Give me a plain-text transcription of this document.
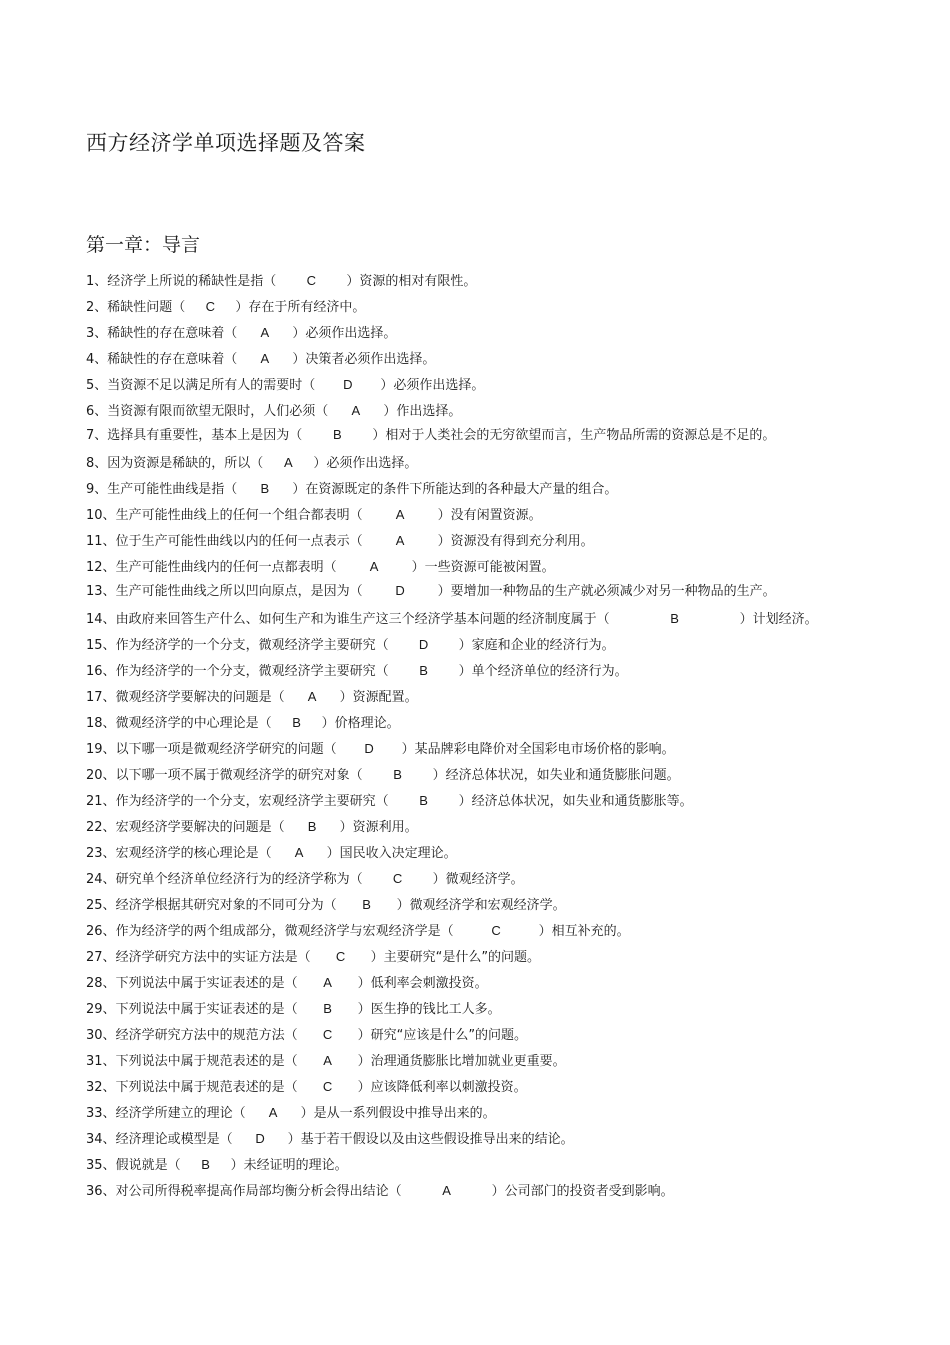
西方经济学单项选择题及答案
第一章：导言
1、经济学上所说的稀缺性是指（ C ）资源的相对有限性。
2、稀缺性问题（ C ）存在于所有经济中。
3、稀缺性的存在意味着（ A ）必须作出选择。
4、稀缺性的存在意味着（ A ）决策者必须作出选择。
5、当资源不足以满足所有人的需要时（ D ）必须作出选择。
6、当资源有限而欲望无限时，人们必须（ A ）作出选择。
7、选择具有重要性，基本上是因为（ B ）相对于人类社会的无穷欲望而言，生产物品所需的资源总是不足的。
8、因为资源是稀缺的，所以（ A ）必须作出选择。
9、生产可能性曲线是指（ B ）在资源既定的条件下所能达到的各种最大产量的组合。
10、生产可能性曲线上的任何一个组合都表明（	A	）没有闲置资源。
11、位于生产可能性曲线以内的任何一点表示（	A	）资源没有得到充分利用。
12、生产可能性曲线内的任何一点都表明（	A	）一些资源可能被闲置。
13、生产可能性曲线之所以凹向原点，是因为（	D	）要增加一种物品的生产就必须减少对另一种物品的生产。
14、由政府来回答生产什么、如何生产和为谁生产这三个经济学基本问题的经济制度属于（	B	）计划经济。
15、作为经济学的一个分支，微观经济学主要研究（ D ）家庭和企业的经济行为。
16、作为经济学的一个分支，微观经济学主要研究（ B ）单个经济单位的经济行为。
17、微观经济学要解决的问题是（ A ）资源配置。
18、微观经济学的中心理论是（ B ）价格理论。
19、以下哪一项是微观经济学研究的问题（ D ）某品牌彩电降价对全国彩电市场价格的影响。
20、以下哪一项不属于微观经济学的研究对象（ B ）经济总体状况，如失业和通货膨胀问题。
21、作为经济学的一个分支，宏观经济学主要研究（ B ）经济总体状况，如失业和通货膨胀等。
22、宏观经济学要解决的问题是（ B ）资源利用。
23、宏观经济学的核心理论是（ A ）国民收入决定理论。
24、研究单个经济单位经济行为的经济学称为（ C ）微观经济学。
25、经济学根据其研究对象的不同可分为（ B ）微观经济学和宏观经济学。
26、作为经济学的两个组成部分，微观经济学与宏观经济学是（	C	）相互补充的。
27、经济学研究方法中的实证方法是（ C ）主要研究“是什么”的问题。
28、下列说法中属于实证表述的是（ A ）低利率会刺激投资。
29、下列说法中属于实证表述的是（ B ）医生挣的钱比工人多。
30、经济学研究方法中的规范方法（ C ）研究“应该是什么”的问题。
31、下列说法中属于规范表述的是（ A ）治理通货膨胀比增加就业更重要。
32、下列说法中属于规范表述的是（ C ）应该降低利率以刺激投资。
33、经济学所建立的理论（ A ）是从一系列假设中推导出来的。
34、经济理论或模型是（ D ）基于若干假设以及由这些假设推导出来的结论。
35、假说就是（ B ）未经证明的理论。
36、对公司所得税率提高作局部均衡分析会得出结论（	A	）公司部门的投资者受到影响。
